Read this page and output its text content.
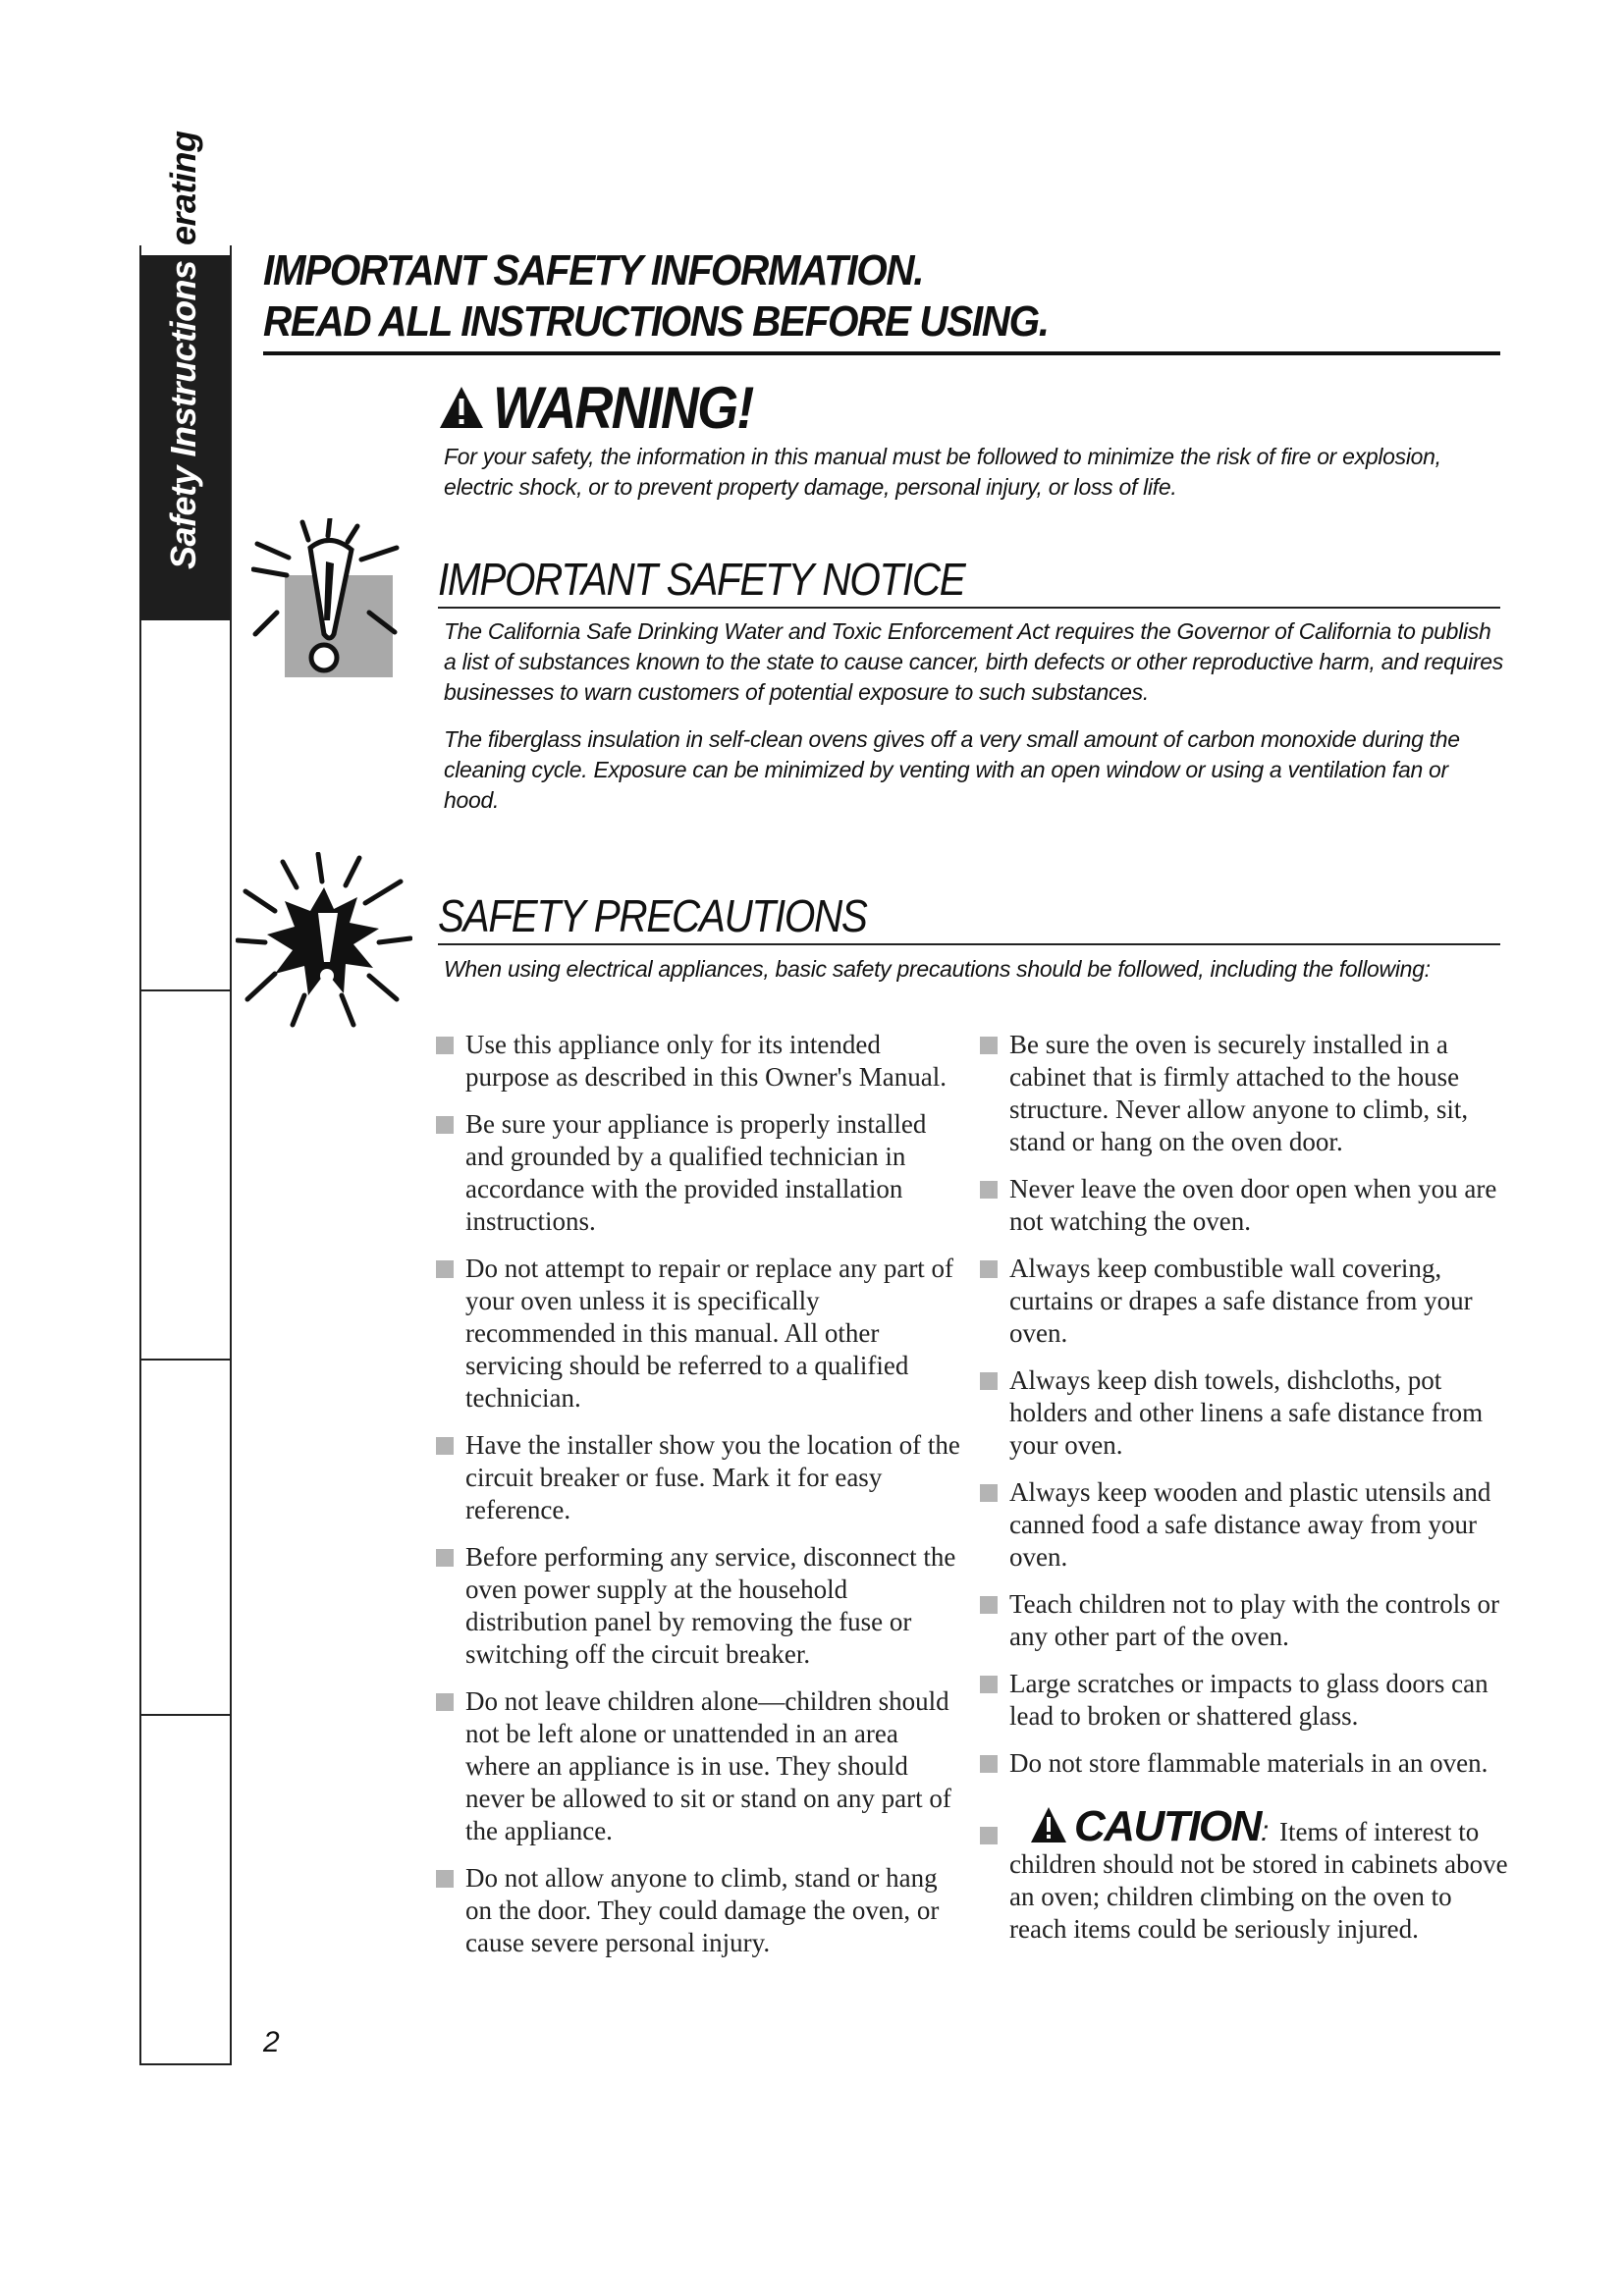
Safety Instructions
erating
IMPORTANT SAFETY INFORMATION.
READ ALL INSTRUCTIONS BEFORE USING.
WARNING!
For your safety, the information in this manual must be followed to minimize the risk of fire or explosion, electric shock, or to prevent property damage, personal injury, or loss of life.
IMPORTANT SAFETY NOTICE
The California Safe Drinking Water and Toxic Enforcement Act requires the Governor of California to publish a list of substances known to the state to cause cancer, birth defects or other reproductive harm, and requires businesses to warn customers of potential exposure to such substances.
The fiberglass insulation in self-clean ovens gives off a very small amount of carbon monoxide during the cleaning cycle. Exposure can be minimized by venting with an open window or using a ventilation fan or hood.
SAFETY PRECAUTIONS
When using electrical appliances, basic safety precautions should be followed, including the following:
Use this appliance only for its intended purpose as described in this Owner's Manual.
Be sure your appliance is properly installed and grounded by a qualified technician in accordance with the provided installation instructions.
Do not attempt to repair or replace any part of your oven unless it is specifically recommended in this manual. All other servicing should be referred to a qualified technician.
Have the installer show you the location of the circuit breaker or fuse. Mark it for easy reference.
Before performing any service, disconnect the oven power supply at the household distribution panel by removing the fuse or switching off the circuit breaker.
Do not leave children alone—children should not be left alone or unattended in an area where an appliance is in use. They should never be allowed to sit or stand on any part of the appliance.
Do not allow anyone to climb, stand or hang on the door. They could damage the oven, or cause severe personal injury.
Be sure the oven is securely installed in a cabinet that is firmly attached to the house structure. Never allow anyone to climb, sit, stand or hang on the oven door.
Never leave the oven door open when you are not watching the oven.
Always keep combustible wall covering, curtains or drapes a safe distance from your oven.
Always keep dish towels, dishcloths, pot holders and other linens a safe distance from your oven.
Always keep wooden and plastic utensils and canned food a safe distance away from your oven.
Teach children not to play with the controls or any other part of the oven.
Large scratches or impacts to glass doors can lead to broken or shattered glass.
Do not store flammable materials in an oven.
CAUTION : Items of interest to children should not be stored in cabinets above an oven; children climbing on the oven to reach items could be seriously injured.
2
